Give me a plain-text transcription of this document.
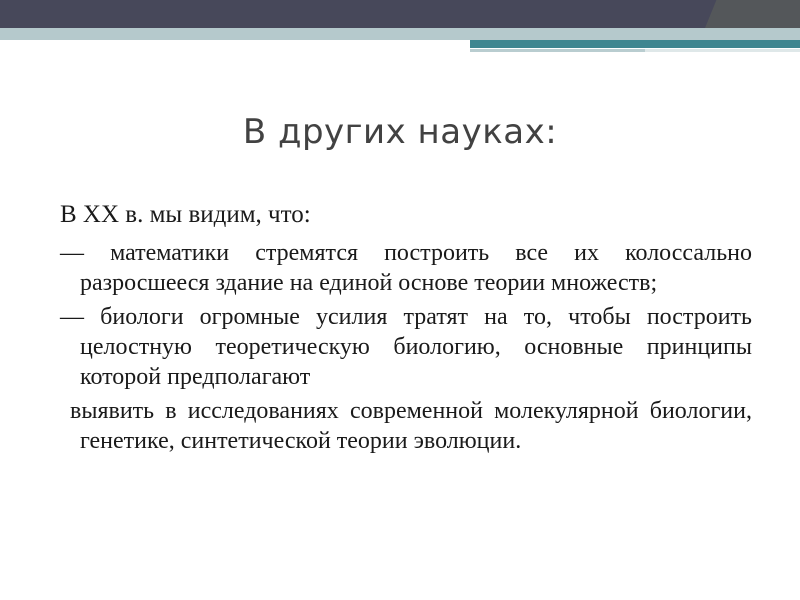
В других науках:

В XX в. мы видим, что:

— математики стремятся построить все их колоссально разросшееся здание на единой основе теории множеств;

— биологи огромные усилия тратят на то, чтобы построить целостную теоретическую биологию, основные принципы которой предполагают

выявить в исследованиях современной молекулярной биологии, генетике, синтетической теории эволюции.
